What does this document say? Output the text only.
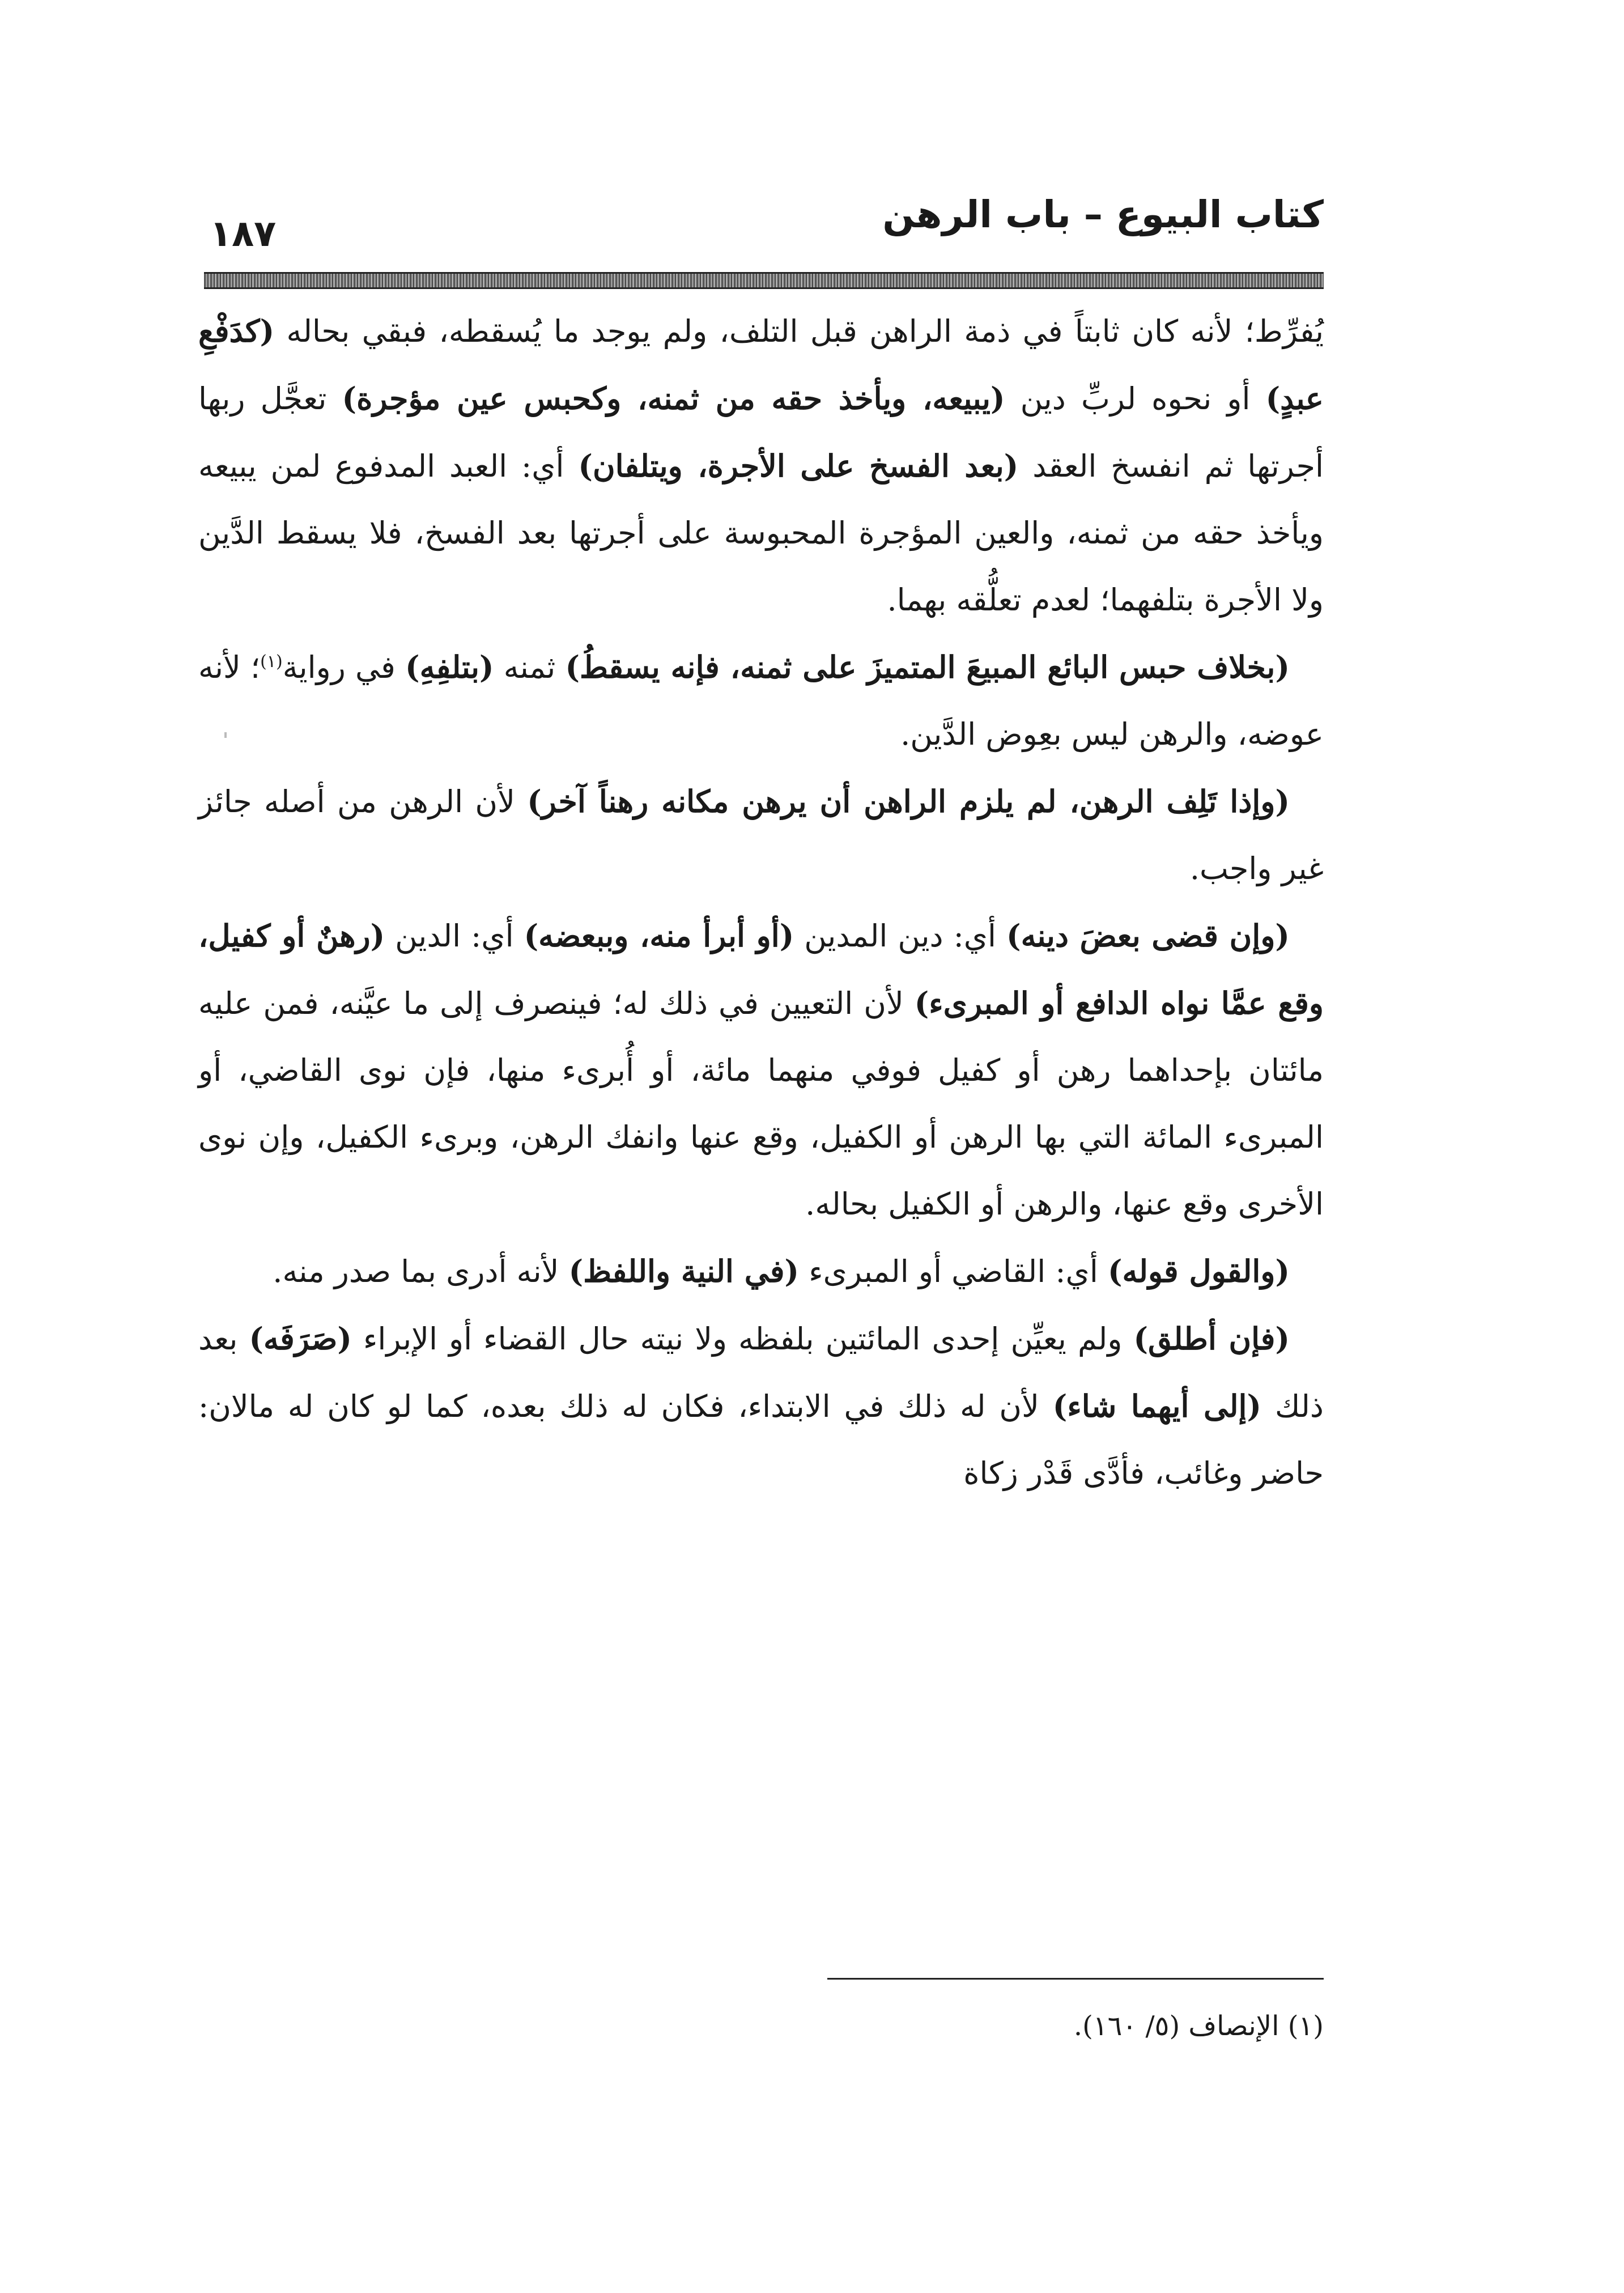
كتاب البيوع – باب الرهن
١٨٧

يُفرِّط؛ لأنه كان ثابتاً في ذمة الراهن قبل التلف، ولم يوجد ما يُسقطه، فبقي بحاله (كدَفْعِ عبدٍ) أو نحوه لربِّ دين (يبيعه، ويأخذ حقه من ثمنه، وكحبس عين مؤجرة) تعجَّل ربها أجرتها ثم انفسخ العقد (بعد الفسخ على الأجرة، ويتلفان) أي: العبد المدفوع لمن يبيعه ويأخذ حقه من ثمنه، والعين المؤجرة المحبوسة على أجرتها بعد الفسخ، فلا يسقط الدَّين ولا الأجرة بتلفهما؛ لعدم تعلُّقه بهما.

(بخلاف حبس البائع المبيعَ المتميزَ على ثمنه، فإنه يسقطُ) ثمنه (بتلفِهِ) في رواية$^{(١)}$؛ لأنه عوضه، والرهن ليس بعِوض الدَّين.

(وإذا تَلِف الرهن، لم يلزم الراهن أن يرهن مكانه رهناً آخر) لأن الرهن من أصله جائز غير واجب.

(وإن قضى بعضَ دينه) أي: دين المدين (أو أبرأ منه، وببعضه) أي: الدين (رهنٌ أو كفيل، وقع عمَّا نواه الدافع أو المبرىء) لأن التعيين في ذلك له؛ فينصرف إلى ما عيَّنه، فمن عليه مائتان بإحداهما رهن أو كفيل فوفي منهما مائة، أو أُبرىء منها، فإن نوى القاضي، أو المبرىء المائة التي بها الرهن أو الكفيل، وقع عنها وانفك الرهن، وبرىء الكفيل، وإن نوى الأخرى وقع عنها، والرهن أو الكفيل بحاله.

(والقول قوله) أي: القاضي أو المبرىء (في النية واللفظ) لأنه أدرى بما صدر منه.

(فإن أطلق) ولم يعيِّن إحدى المائتين بلفظه ولا نيته حال القضاء أو الإبراء (صَرَفَه) بعد ذلك (إلى أيهما شاء) لأن له ذلك في الابتداء، فكان له ذلك بعده، كما لو كان له مالان: حاضر وغائب، فأدَّى قَدْر زكاة

(١) الإنصاف (٥/ ١٦٠).
